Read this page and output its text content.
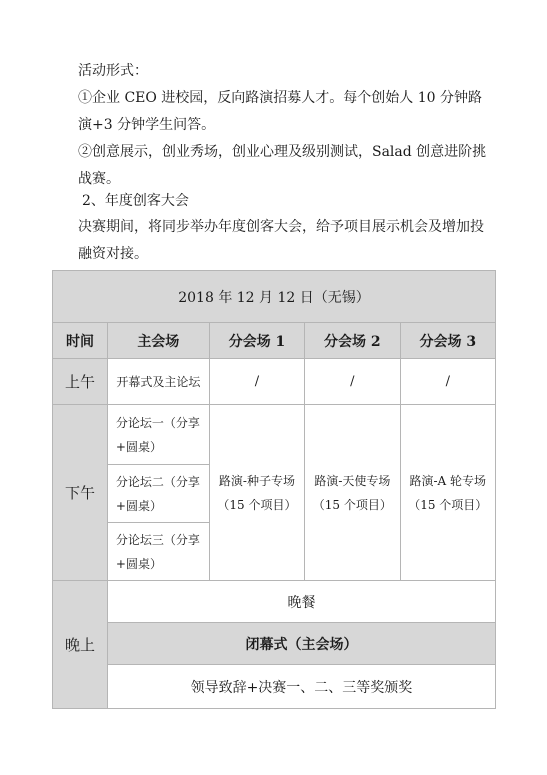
活动形式：

①企业 CEO 进校园，反向路演招募人才。每个创始人 10 分钟路演+3 分钟学生问答。

②创意展示，创业秀场，创业心理及级别测试，Salad 创意进阶挑战赛。

2、年度创客大会

决赛期间，将同步举办年度创客大会，给予项目展示机会及增加投融资对接。

2018 年 12 月 12 日（无锡）				
时间	主会场	分会场 1	分会场 2	分会场 3
上午	开幕式及主论坛	/	/	/
下午	分论坛一（分享+圆桌）	路演-种子专场（15 个项目）	路演-天使专场（15 个项目）	路演-A 轮专场（15 个项目）
	分论坛二（分享+圆桌）			
	分论坛三（分享+圆桌）			
晚上	晚餐			
	闭幕式（主会场）			
	领导致辞+决赛一、二、三等奖颁奖			
